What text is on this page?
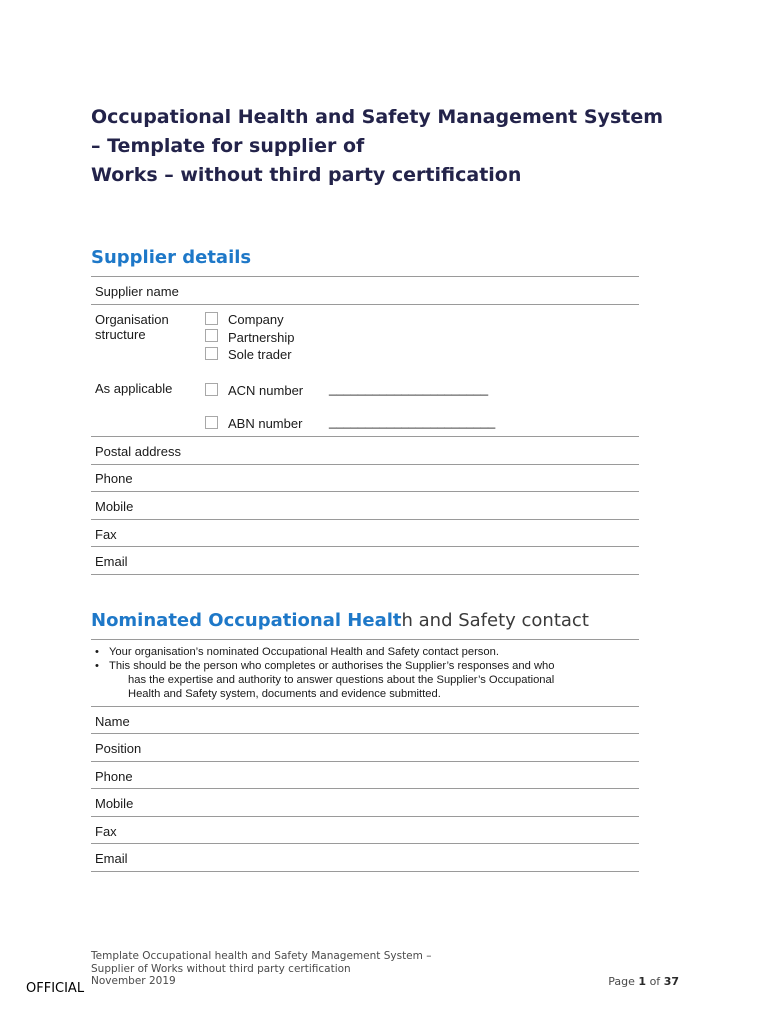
Occupational Health and Safety Management System
– Template for supplier of
Works – without third party certification
Supplier details
Supplier name
Organisation
structure
Company
Partnership
Sole trader
As applicable	ACN number ______________________
ABN number _______________________
Postal address
Phone
Mobile
Fax
Email
Nominated Occupational Health and Safety contact
• Your organisation’s nominated Occupational Health and Safety contact person.
• This should be the person who completes or authorises the Supplier’s responses and who
has the expertise and authority to answer questions about the Supplier’s Occupational
Health and Safety system, documents and evidence submitted.
Name
Position
Phone
Mobile
Fax
Email
Template Occupational health and Safety Management System –
Supplier of Works without third party certification
November 2019	Page 1 of 37
OFFICIAL
